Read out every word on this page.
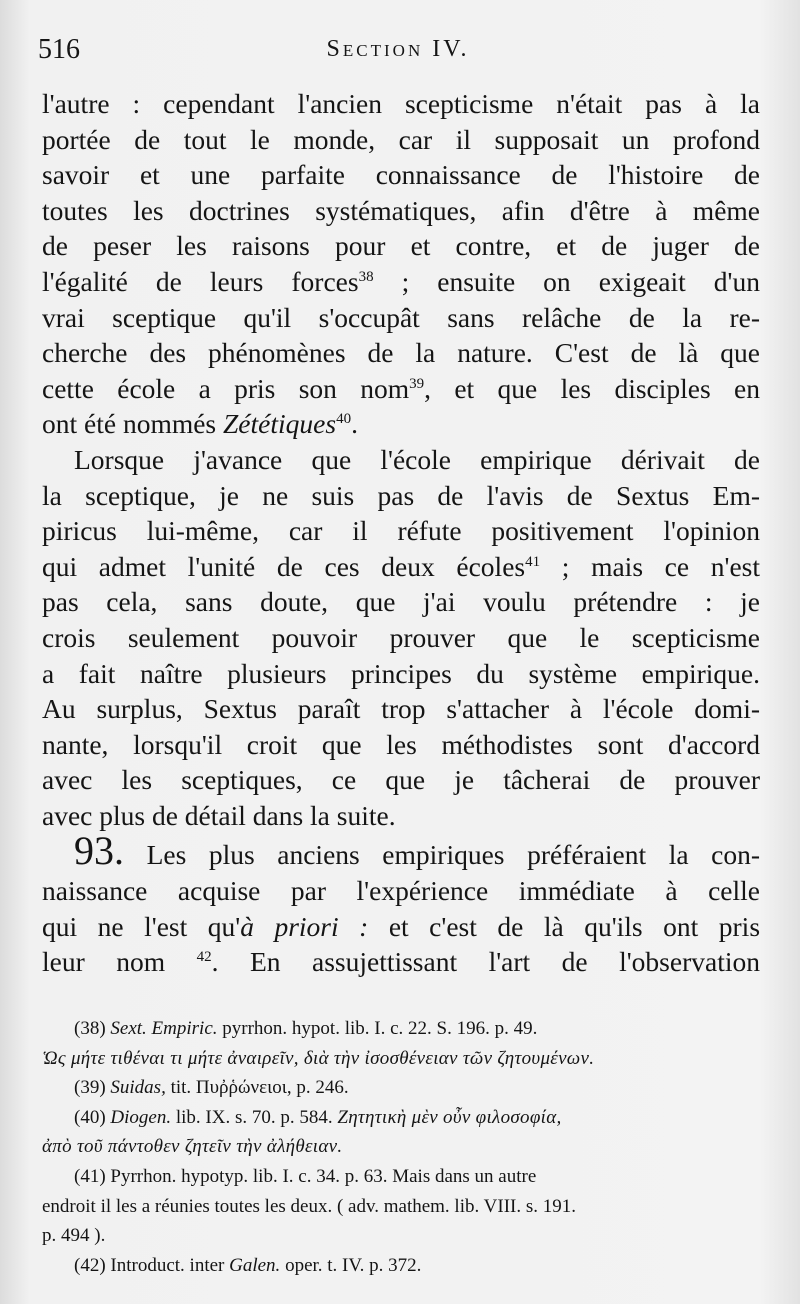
516	Section IV.

l'autre : cependant l'ancien scepticisme n'était pas à la
portée de tout le monde, car il supposait un profond
savoir et une parfaite connaissance de l'histoire de
toutes les doctrines systématiques, afin d'être à même
de peser les raisons pour et contre, et de juger de
l'égalité de leurs forces$^{38}$ ; ensuite on exigeait d'un
vrai sceptique qu'il s'occupât sans relâche de la re-
cherche des phénomènes de la nature. C'est de là que
cette école a pris son nom$^{39}$, et que les disciples en
ont été nommés Zététiques$^{40}$.

Lorsque j'avance que l'école empirique dérivait de
la sceptique, je ne suis pas de l'avis de Sextus Em-
piricus lui-même, car il réfute positivement l'opinion
qui admet l'unité de ces deux écoles$^{41}$ ; mais ce n'est
pas cela, sans doute, que j'ai voulu prétendre : je
crois seulement pouvoir prouver que le scepticisme
a fait naître plusieurs principes du système empirique.
Au surplus, Sextus paraît trop s'attacher à l'école domi-
nante, lorsqu'il croit que les méthodistes sont d'accord
avec les sceptiques, ce que je tâcherai de prouver
avec plus de détail dans la suite.

93. Les plus anciens empiriques préféraient la con-
naissance acquise par l'expérience immédiate à celle
qui ne l'est qu'à priori : et c'est de là qu'ils ont pris
leur nom $^{42}$. En assujettissant l'art de l'observation

(38) Sext. Empiric. pyrrhon. hypot. lib. I. c. 22. S. 196. p. 49.
Ὡς μήτε τιθέναι τι μήτε ἀναιρεῖν, διὰ τὴν ἰσοσθένειαν τῶν ζητουμένων.
(39) Suidas, tit. Πυῤῥώνειοι, p. 246.
(40) Diogen. lib. IX. s. 70. p. 584. Ζητητικὴ μὲν οὖν φιλοσοφία,
ἀπὸ τοῦ πάντοθεν ζητεῖν τὴν ἀλήθειαν.
(41) Pyrrhon. hypotyp. lib. I. c. 34. p. 63. Mais dans un autre
endroit il les a réunies toutes les deux. ( adv. mathem. lib. VIII. s. 191.
p. 494 ).
(42) Introduct. inter Galen. oper. t. IV. p. 372.
